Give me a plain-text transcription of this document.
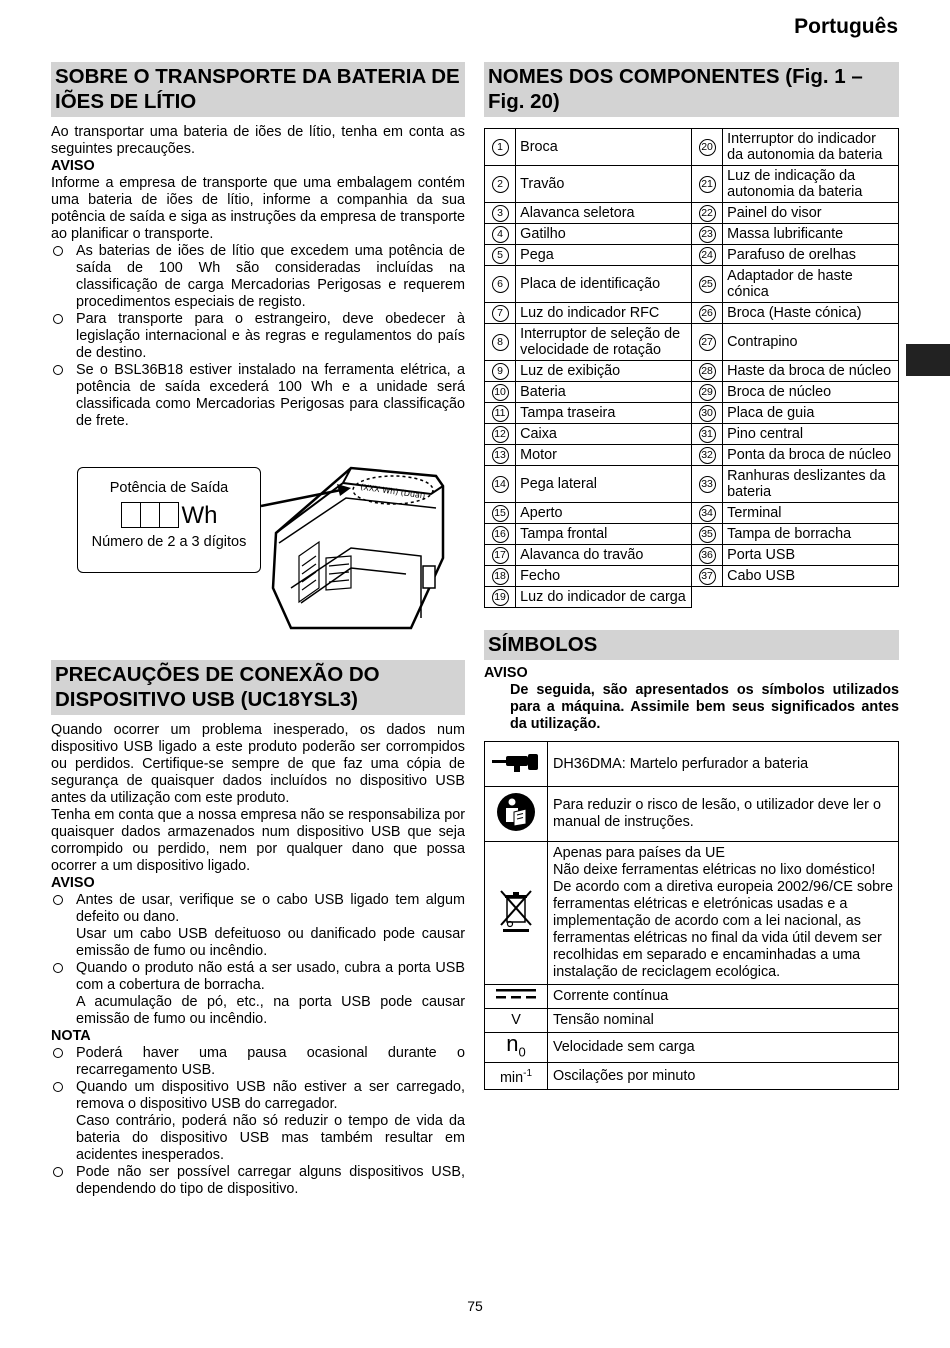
Português
SOBRE O TRANSPORTE DA BATERIA DE IÕES DE LÍTIO

Ao transportar uma bateria de iões de lítio, tenha em conta as seguintes precauções.

AVISO

Informe a empresa de transporte que uma embalagem contém uma bateria de iões de lítio, informe a companhia da sua potência de saída e siga as instruções da empresa de transporte ao planificar o transporte.

As baterias de iões de lítio que excedem uma potência de saída de 100 Wh são consideradas incluídas na classificação de carga Mercadorias Perigosas e requerem procedimentos especiais de registo.
Para transporte para o estrangeiro, deve obedecer à legislação internacional e às regras e regulamentos do país de destino.
Se o BSL36B18 estiver instalado na ferramenta elétrica, a potência de saída excederá 100 Wh e a unidade será classificada como Mercadorias Perigosas para classificação de frete.
(XXX Wh) (Dual)
Potência de Saída
Wh
Número de 2 a 3 dígitos
PRECAUÇÕES DE CONEXÃO DO DISPOSITIVO USB (UC18YSL3)

Quando ocorrer um problema inesperado, os dados num dispositivo USB ligado a este produto poderão ser corrompidos ou perdidos. Certifique-se sempre de que faz uma cópia de segurança de quaisquer dados incluídos no dispositivo USB antes da utilização com este produto.

Tenha em conta que a nossa empresa não se responsabiliza por quaisquer dados armazenados num dispositivo USB que seja corrompido ou perdido, nem por qualquer dano que possa ocorrer a um dispositivo ligado.

AVISO

Antes de usar, verifique se o cabo USB ligado tem algum defeito ou dano.
Usar um cabo USB defeituoso ou danificado pode causar emissão de fumo ou incêndio.
Quando o produto não está a ser usado, cubra a porta USB com a cobertura de borracha.
A acumulação de pó, etc., na porta USB pode causar emissão de fumo ou incêndio.

NOTA

Poderá haver uma pausa ocasional durante o recarregamento USB.
Quando um dispositivo USB não estiver a ser carregado, remova o dispositivo USB do carregador.
Caso contrário, poderá não só reduzir o tempo de vida da bateria do dispositivo USB mas também resultar em acidentes inesperados.
Pode não ser possível carregar alguns dispositivos USB, dependendo do tipo de dispositivo.
NOMES DOS COMPONENTES (Fig. 1 – Fig. 20)
1	Broca	20	Interruptor do indicador da autonomia da bateria
2	Travão	21	Luz de indicação da autonomia da bateria
3	Alavanca seletora	22	Painel do visor
4	Gatilho	23	Massa lubrificante
5	Pega	24	Parafuso de orelhas
6	Placa de identificação	25	Adaptador de haste cónica
7	Luz do indicador RFC	26	Broca (Haste cónica)
8	Interruptor de seleção de velocidade de rotação	27	Contrapino
9	Luz de exibição	28	Haste da broca de núcleo
10	Bateria	29	Broca de núcleo
11	Tampa traseira	30	Placa de guia
12	Caixa	31	Pino central
13	Motor	32	Ponta da broca de núcleo
14	Pega lateral	33	Ranhuras deslizantes da bateria
15	Aperto	34	Terminal
16	Tampa frontal	35	Tampa de borracha
17	Alavanca do travão	36	Porta USB
18	Fecho	37	Cabo USB
19	Luz do indicador de carga		
SÍMBOLOS

AVISO

De seguida, são apresentados os símbolos utilizados para a máquina. Assimile bem seus significados antes da utilização.

	DH36DMA: Martelo perfurador a bateria
	Para reduzir o risco de lesão, o utilizador deve ler o manual de instruções.
	Apenas para países da UE
Não deixe ferramentas elétricas no lixo doméstico!
De acordo com a diretiva europeia 2002/96/CE sobre ferramentas elétricas e eletrónicas usadas e a implementação de acordo com a lei nacional, as ferramentas elétricas no final da vida útil devem ser recolhidas em separado e encaminhadas a uma instalação de reciclagem ecológica.
	Corrente contínua
V	Tensão nominal
$n_0$	Velocidade sem carga
$\min^{-1}$	Oscilações por minuto
75
